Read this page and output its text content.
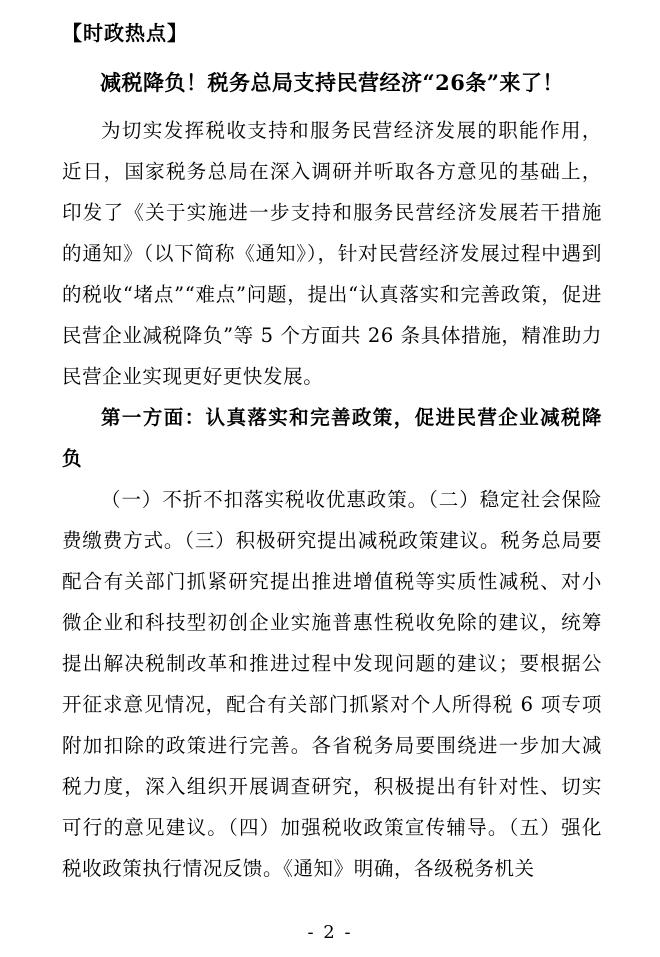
【时政热点】
减税降负！税务总局支持民营经济“26条”来了！

为切实发挥税收支持和服务民营经济发展的职能作用，近日，国家税务总局在深入调研并听取各方意见的基础上，印发了《关于实施进一步支持和服务民营经济发展若干措施的通知》（以下简称《通知》），针对民营经济发展过程中遇到的税收“堵点”“难点”问题，提出“认真落实和完善政策，促进民营企业减税降负”等 5 个方面共 26 条具体措施，精准助力民营企业实现更好更快发展。

第一方面：认真落实和完善政策，促进民营企业减税降负

（一）不折不扣落实税收优惠政策。（二）稳定社会保险费缴费方式。（三）积极研究提出减税政策建议。税务总局要配合有关部门抓紧研究提出推进增值税等实质性减税、对小微企业和科技型初创企业实施普惠性税收免除的建议，统筹提出解决税制改革和推进过程中发现问题的建议；要根据公开征求意见情况，配合有关部门抓紧对个人所得税 6 项专项附加扣除的政策进行完善。各省税务局要围绕进一步加大减税力度，深入组织开展调查研究，积极提出有针对性、切实可行的意见建议。（四）加强税收政策宣传辅导。（五）强化税收政策执行情况反馈。《通知》明确，各级税务机关

- 2 -
